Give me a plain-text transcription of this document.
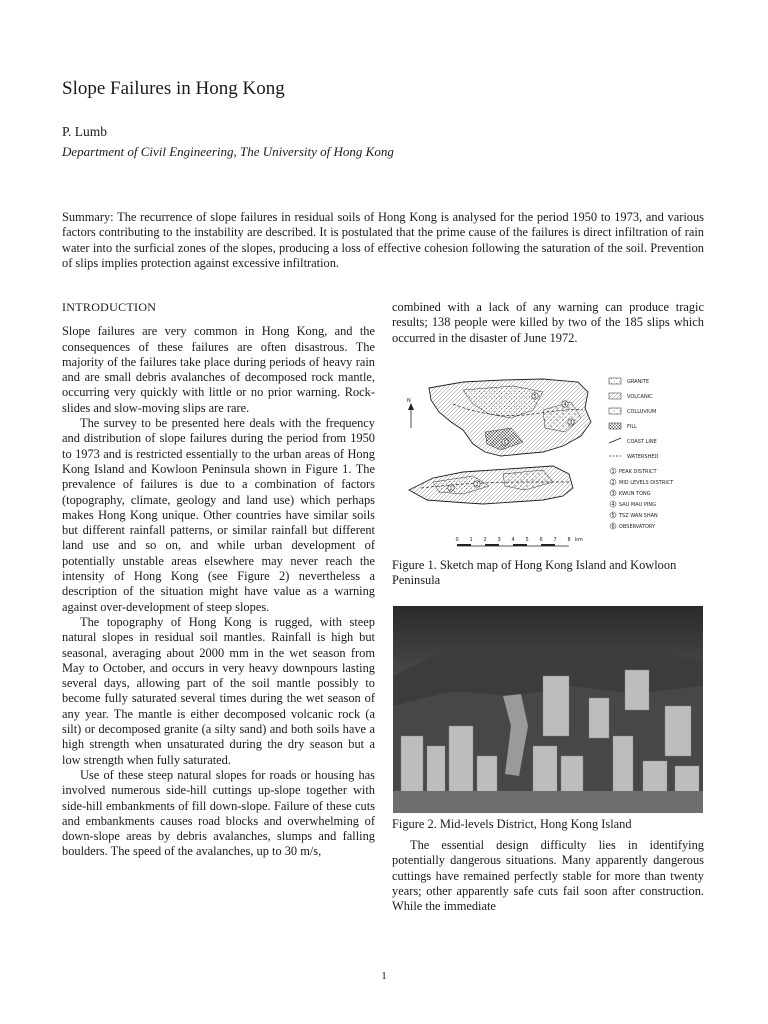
Slope Failures in Hong Kong
P. Lumb
Department of Civil Engineering, The University of Hong Kong

Summary: The recurrence of slope failures in residual soils of Hong Kong is analysed for the period 1950 to 1973, and various factors contributing to the instability are described. It is postulated that the prime cause of the failures is direct infiltration of rain water into the surficial zones of the slopes, producing a loss of effective cohesion following the saturation of the soil. Prevention of slips implies protection against excessive infiltration.

INTRODUCTION

Slope failures are very common in Hong Kong, and the consequences of these failures are often disastrous. The majority of the failures take place during periods of heavy rain and are small debris avalanches of decomposed rock mantle, occurring very quickly with little or no prior warning. Rock-slides and slow-moving slips are rare.

The survey to be presented here deals with the frequency and distribution of slope failures during the period from 1950 to 1973 and is restricted essentially to the urban areas of Hong Kong Island and Kowloon Peninsula shown in Figure 1. The prevalence of failures is due to a combination of factors (topography, climate, geology and land use) which perhaps makes Hong Kong unique. Other countries have similar soils but different rainfall patterns, or similar rainfall but different land use and so on, and while urban development of potentially unstable areas elsewhere may never reach the intensity of Hong Kong (see Figure 2) nevertheless a description of the situation might have value as a warning against over-development of steep slopes.

The topography of Hong Kong is rugged, with steep natural slopes in residual soil mantles. Rainfall is high but seasonal, averaging about 2000 mm in the wet season from May to October, and occurs in very heavy downpours lasting several days, allowing part of the soil mantle possibly to become fully saturated several times during the wet season of any year. The mantle is either decomposed volcanic rock (a silt) or decomposed granite (a silty sand) and both soils have a high strength when unsaturated during the dry season but a low strength when fully saturated.

Use of these steep natural slopes for roads or housing has involved numerous side-hill cuttings up-slope together with side-hill embankments of fill down-slope. Failure of these cuts and embankments causes road blocks and overwhelming of down-slope areas by debris avalanches, slumps and falling boulders. The speed of the avalanches, up to 30 m/s,

combined with a lack of any warning can produce tragic results; 138 people were killed by two of the 185 slips which occurred in the disaster of June 1972.

N
1
2
3
4
5
6
GRANITE
VOLCANIC
COLLUVIUM
FILL
COAST LINE
WATERSHED
1 PEAK DISTRICT
2 MID LEVELS DISTRICT
3 KWUN TONG
4 SAU MAU PING
5 TSZ WAN SHAN
6 OBSERVATORY
0 1 2 3 4 5 6 7 8 km

Figure 1. Sketch map of Hong Kong Island and Kowloon Peninsula

Figure 2. Mid-levels District, Hong Kong Island

The essential design difficulty lies in identifying potentially dangerous situations. Many apparently dangerous cuttings have remained perfectly stable for more than twenty years; other apparently safe cuts fail soon after construction. While the immediate

1
